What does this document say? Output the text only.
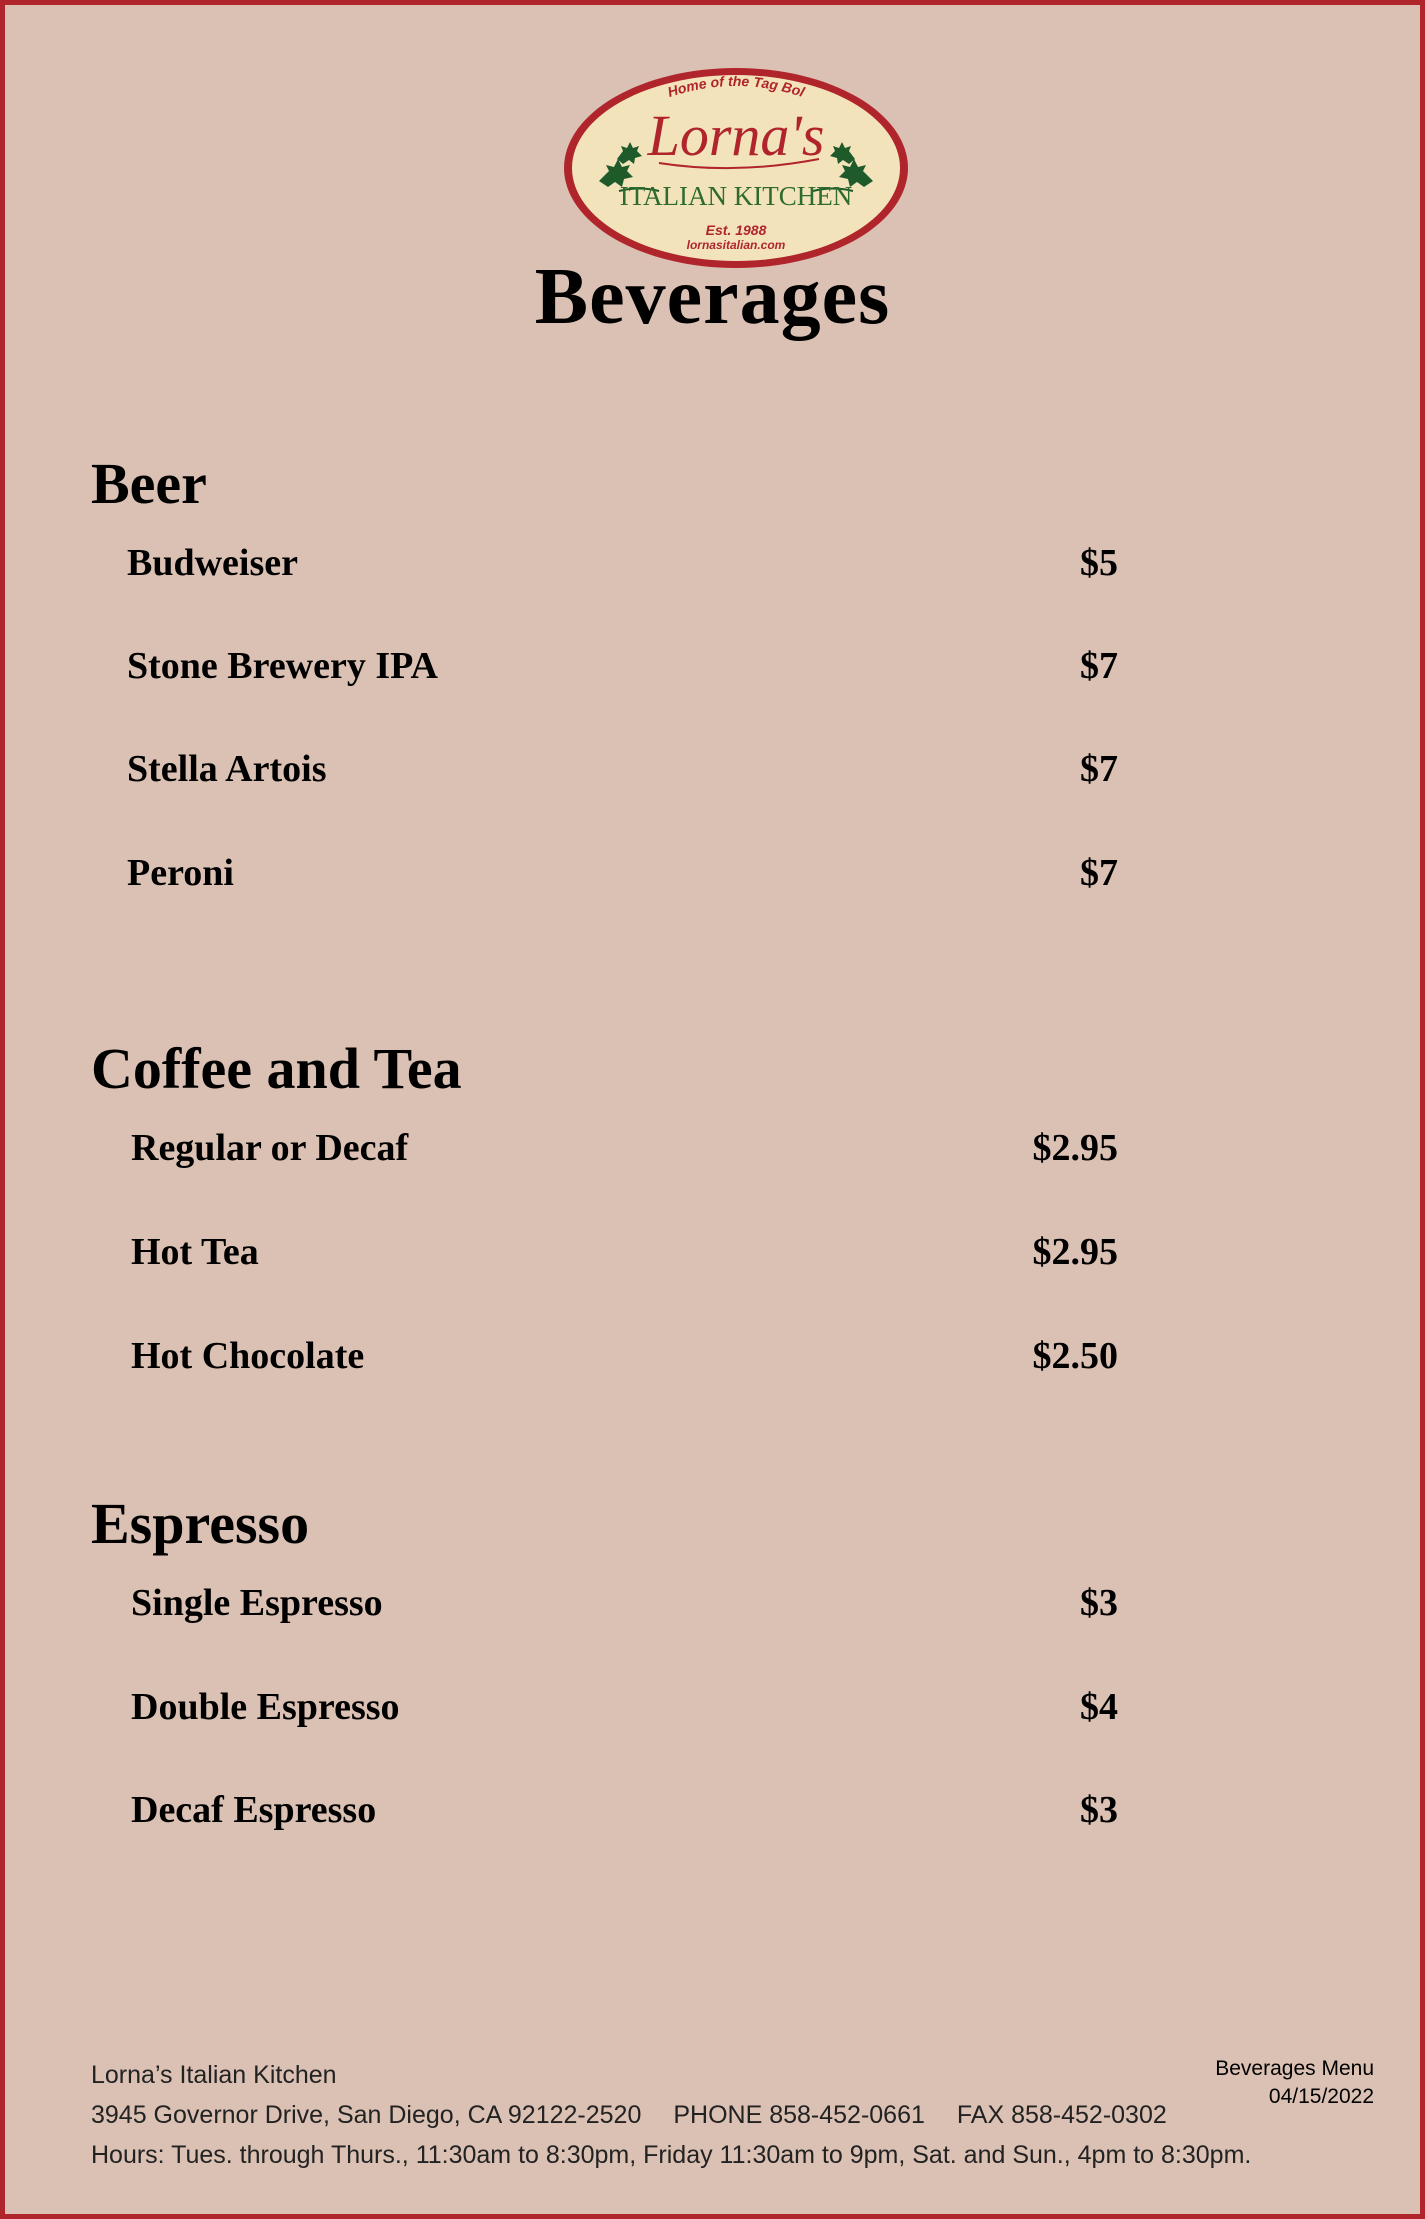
Home of the Tag Bol
Lorna's
ITALIAN KITCHEN
Est. 1988
lornasitalian.com
Beverages
Beer
Budweiser	$5
Stone Brewery IPA	$7
Stella Artois	$7
Peroni	$7
Coffee and Tea
Regular or Decaf	$2.95
Hot Tea	$2.95
Hot Chocolate	$2.50
Espresso
Single Espresso	$3
Double Espresso	$4
Decaf Espresso	$3
Lorna’s Italian Kitchen
3945 Governor Drive, San Diego, CA 92122-2520 PHONE 858-452-0661 FAX 858-452-0302
Hours: Tues. through Thurs., 11:30am to 8:30pm, Friday 11:30am to 9pm, Sat. and Sun., 4pm to 8:30pm.
Beverages Menu
04/15/2022
